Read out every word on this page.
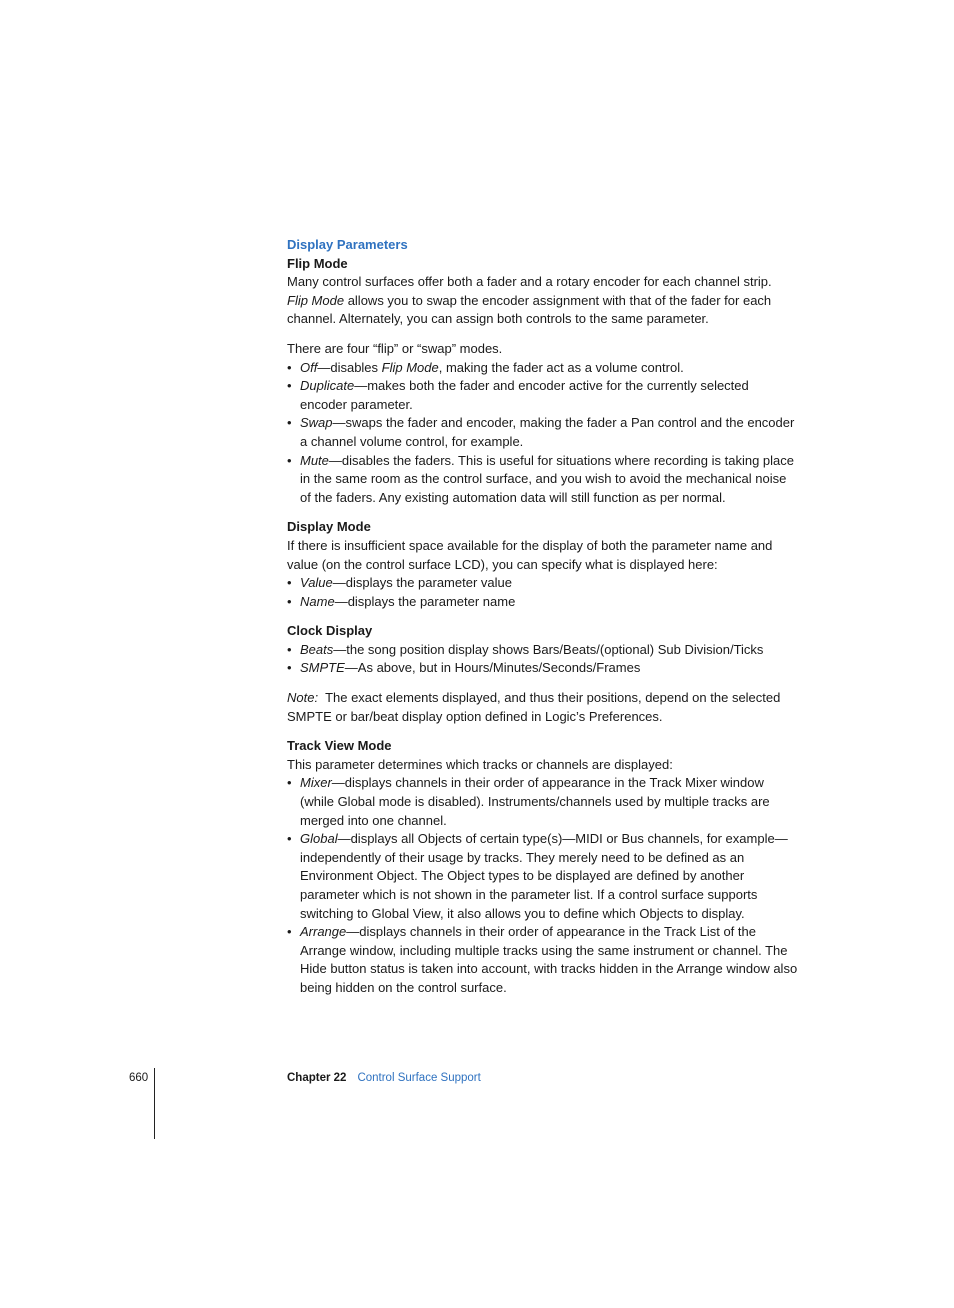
Display Parameters

Flip Mode

Many control surfaces offer both a fader and a rotary encoder for each channel strip.

Flip Mode allows you to swap the encoder assignment with that of the fader for each channel. Alternately, you can assign both controls to the same parameter.

There are four “flip” or “swap” modes.

• Off—disables Flip Mode, making the fader act as a volume control.
• Duplicate—makes both the fader and encoder active for the currently selected encoder parameter.
• Swap—swaps the fader and encoder, making the fader a Pan control and the encoder a channel volume control, for example.
• Mute—disables the faders. This is useful for situations where recording is taking place in the same room as the control surface, and you wish to avoid the mechanical noise of the faders. Any existing automation data will still function as per normal.

Display Mode

If there is insufficient space available for the display of both the parameter name and value (on the control surface LCD), you can specify what is displayed here:

• Value—displays the parameter value
• Name—displays the parameter name

Clock Display

• Beats—the song position display shows Bars/Beats/(optional) Sub Division/Ticks
• SMPTE—As above, but in Hours/Minutes/Seconds/Frames

Note:  The exact elements displayed, and thus their positions, depend on the selected SMPTE or bar/beat display option defined in Logic’s Preferences.

Track View Mode

This parameter determines which tracks or channels are displayed:

• Mixer—displays channels in their order of appearance in the Track Mixer window (while Global mode is disabled). Instruments/channels used by multiple tracks are merged into one channel.
• Global—displays all Objects of certain type(s)—MIDI or Bus channels, for example—independently of their usage by tracks. They merely need to be defined as an Environment Object. The Object types to be displayed are defined by another parameter which is not shown in the parameter list. If a control surface supports switching to Global View, it also allows you to define which Objects to display.
• Arrange—displays channels in their order of appearance in the Track List of the Arrange window, including multiple tracks using the same instrument or channel. The Hide button status is taken into account, with tracks hidden in the Arrange window also being hidden on the control surface.
660	Chapter 22 Control Surface Support
